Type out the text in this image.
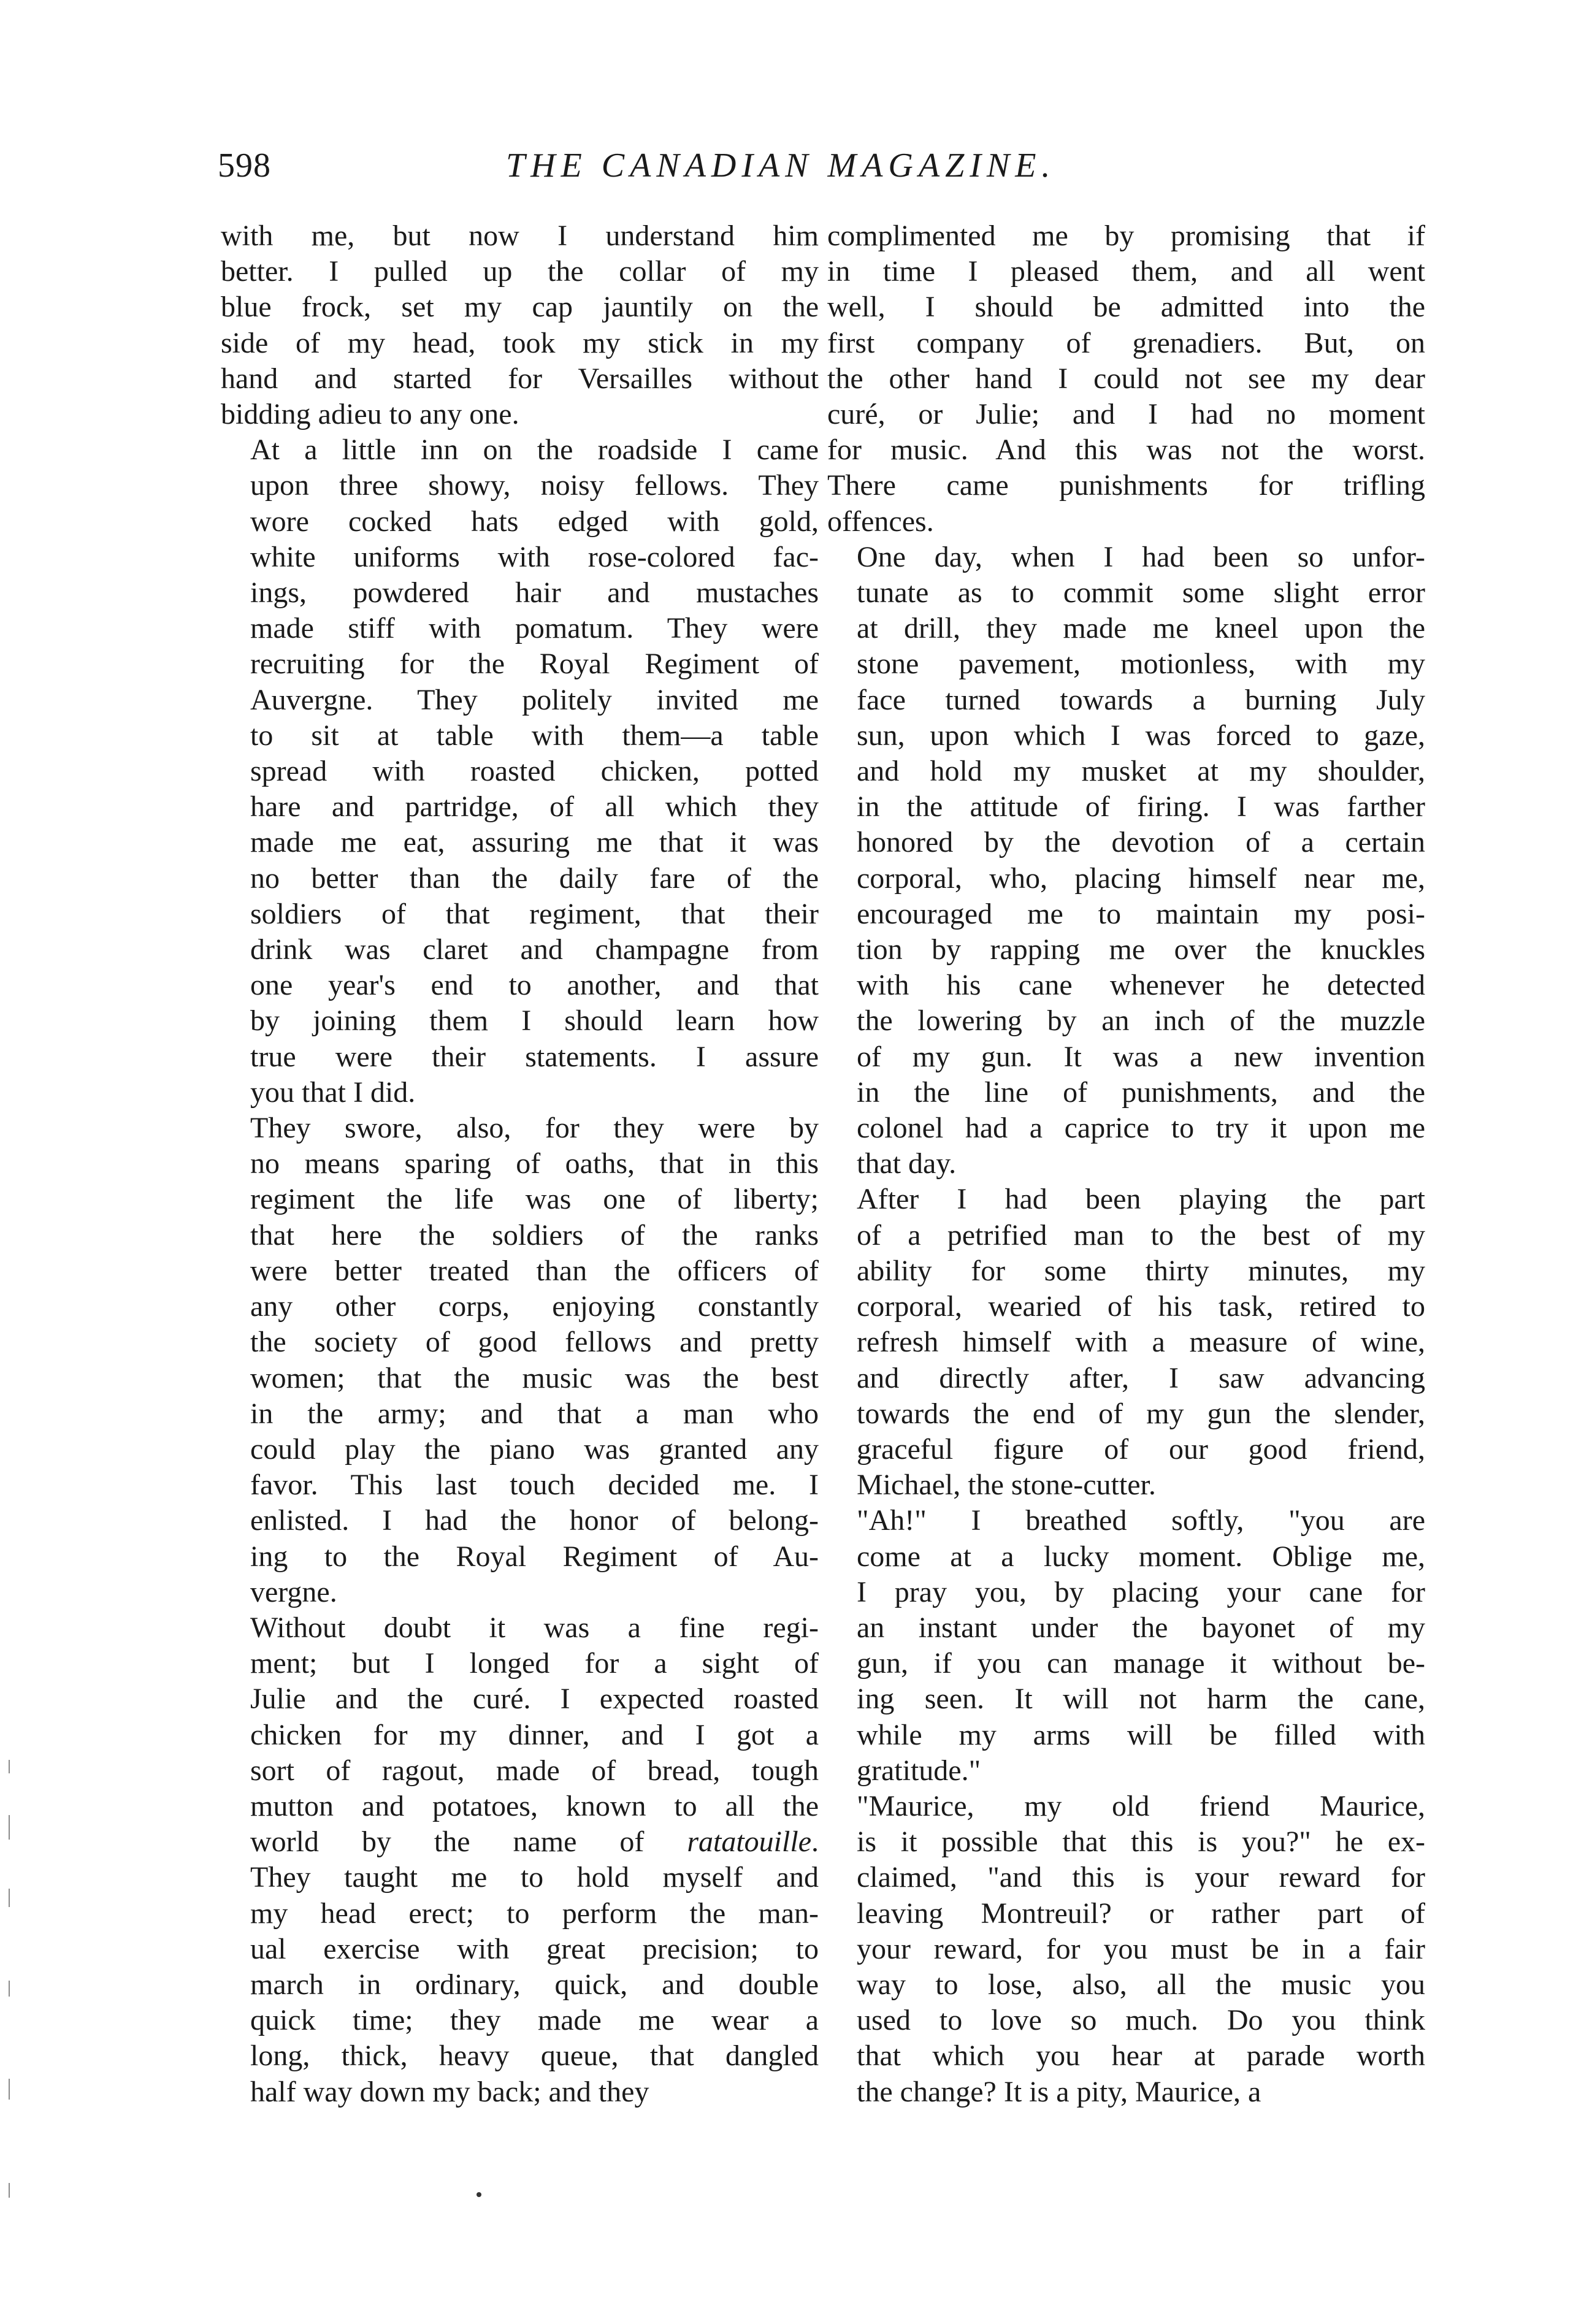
598	THE CANADIAN MAGAZINE.
with me, but now I understand him
better. I pulled up the collar of my
blue frock, set my cap jauntily on the
side of my head, took my stick in my
hand and started for Versailles without
bidding adieu to any one.
At a little inn on the roadside I came
upon three showy, noisy fellows. They
wore cocked hats edged with gold,
white uniforms with rose-colored fac-
ings, powdered hair and mustaches
made stiff with pomatum. They were
recruiting for the Royal Regiment of
Auvergne. They politely invited me
to sit at table with them—a table
spread with roasted chicken, potted
hare and partridge, of all which they
made me eat, assuring me that it was
no better than the daily fare of the
soldiers of that regiment, that their
drink was claret and champagne from
one year's end to another, and that
by joining them I should learn how
true were their statements. I assure
you that I did.
They swore, also, for they were by
no means sparing of oaths, that in this
regiment the life was one of liberty;
that here the soldiers of the ranks
were better treated than the officers of
any other corps, enjoying constantly
the society of good fellows and pretty
women; that the music was the best
in the army; and that a man who
could play the piano was granted any
favor. This last touch decided me. I
enlisted. I had the honor of belong-
ing to the Royal Regiment of Au-
vergne.
Without doubt it was a fine regi-
ment; but I longed for a sight of
Julie and the curé. I expected roasted
chicken for my dinner, and I got a
sort of ragout, made of bread, tough
mutton and potatoes, known to all the
world by the name of ratatouille.
They taught me to hold myself and
my head erect; to perform the man-
ual exercise with great precision; to
march in ordinary, quick, and double
quick time; they made me wear a
long, thick, heavy queue, that dangled
half way down my back; and they
complimented me by promising that if
in time I pleased them, and all went
well, I should be admitted into the
first company of grenadiers. But, on
the other hand I could not see my dear
curé, or Julie; and I had no moment
for music. And this was not the worst.
There came punishments for trifling
offences.
One day, when I had been so unfor-
tunate as to commit some slight error
at drill, they made me kneel upon the
stone pavement, motionless, with my
face turned towards a burning July
sun, upon which I was forced to gaze,
and hold my musket at my shoulder,
in the attitude of firing. I was farther
honored by the devotion of a certain
corporal, who, placing himself near me,
encouraged me to maintain my posi-
tion by rapping me over the knuckles
with his cane whenever he detected
the lowering by an inch of the muzzle
of my gun. It was a new invention
in the line of punishments, and the
colonel had a caprice to try it upon me
that day.
After I had been playing the part
of a petrified man to the best of my
ability for some thirty minutes, my
corporal, wearied of his task, retired to
refresh himself with a measure of wine,
and directly after, I saw advancing
towards the end of my gun the slender,
graceful figure of our good friend,
Michael, the stone-cutter.
"Ah!" I breathed softly, "you are
come at a lucky moment. Oblige me,
I pray you, by placing your cane for
an instant under the bayonet of my
gun, if you can manage it without be-
ing seen. It will not harm the cane,
while my arms will be filled with
gratitude."
"Maurice, my old friend Maurice,
is it possible that this is you?" he ex-
claimed, "and this is your reward for
leaving Montreuil? or rather part of
your reward, for you must be in a fair
way to lose, also, all the music you
used to love so much. Do you think
that which you hear at parade worth
the change? It is a pity, Maurice, a
